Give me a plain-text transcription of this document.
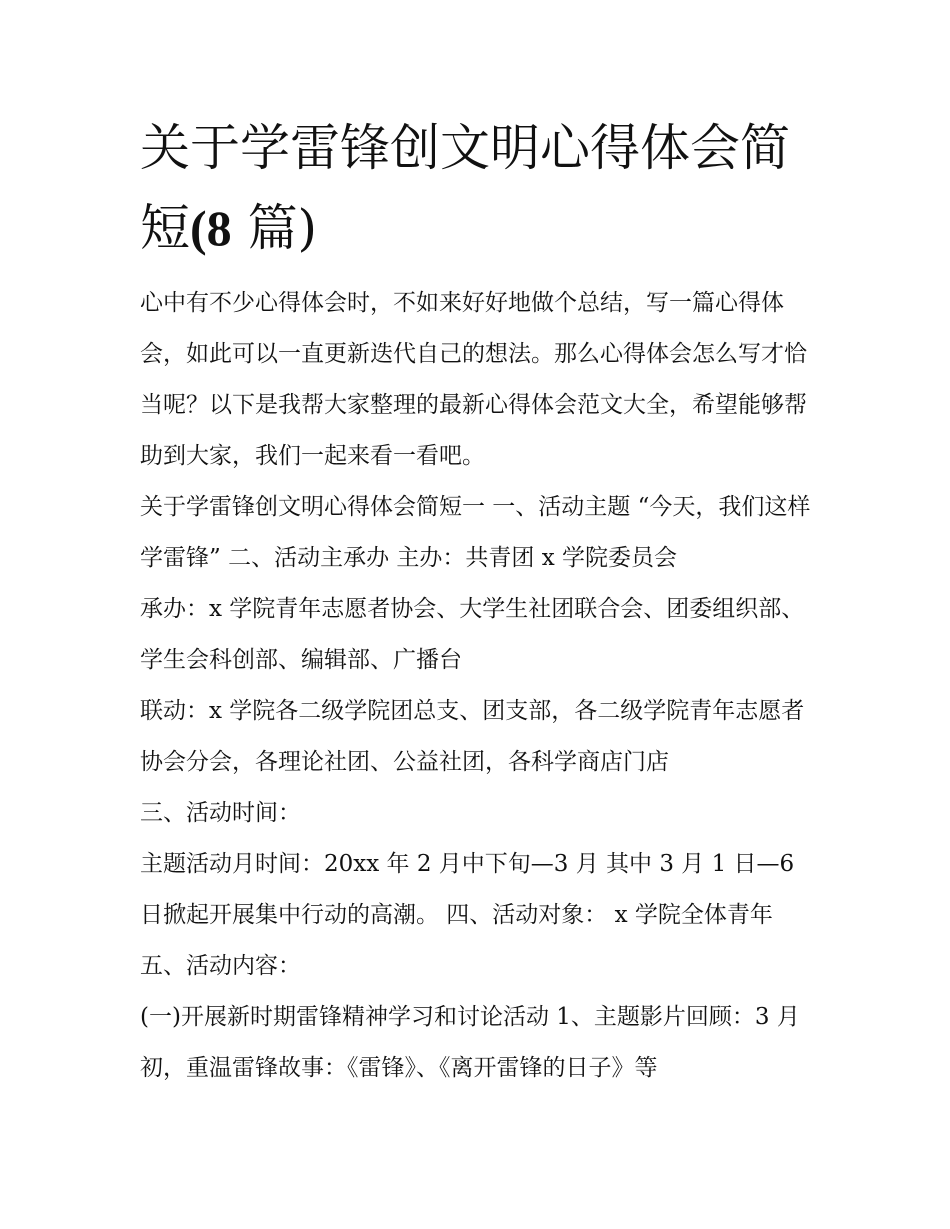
关于学雷锋创文明心得体会简短(8 篇)

心中有不少心得体会时，不如来好好地做个总结，写一篇心得体会，如此可以一直更新迭代自己的想法。那么心得体会怎么写才恰当呢？以下是我帮大家整理的最新心得体会范文大全，希望能够帮助到大家，我们一起来看一看吧。

关于学雷锋创文明心得体会简短一 一、活动主题 “今天，我们这样学雷锋” 二、活动主承办 主办：共青团 x 学院委员会

承办：x 学院青年志愿者协会、大学生社团联合会、团委组织部、学生会科创部、编辑部、广播台

联动：x 学院各二级学院团总支、团支部，各二级学院青年志愿者协会分会，各理论社团、公益社团，各科学商店门店

三、活动时间：

主题活动月时间：20xx 年 2 月中下旬—3 月 其中 3 月 1 日—6 日掀起开展集中行动的高潮。 四、活动对象： x 学院全体青年 五、活动内容：

(一)开展新时期雷锋精神学习和讨论活动 1、主题影片回顾：3 月初，重温雷锋故事：《雷锋》、《离开雷锋的日子》等
